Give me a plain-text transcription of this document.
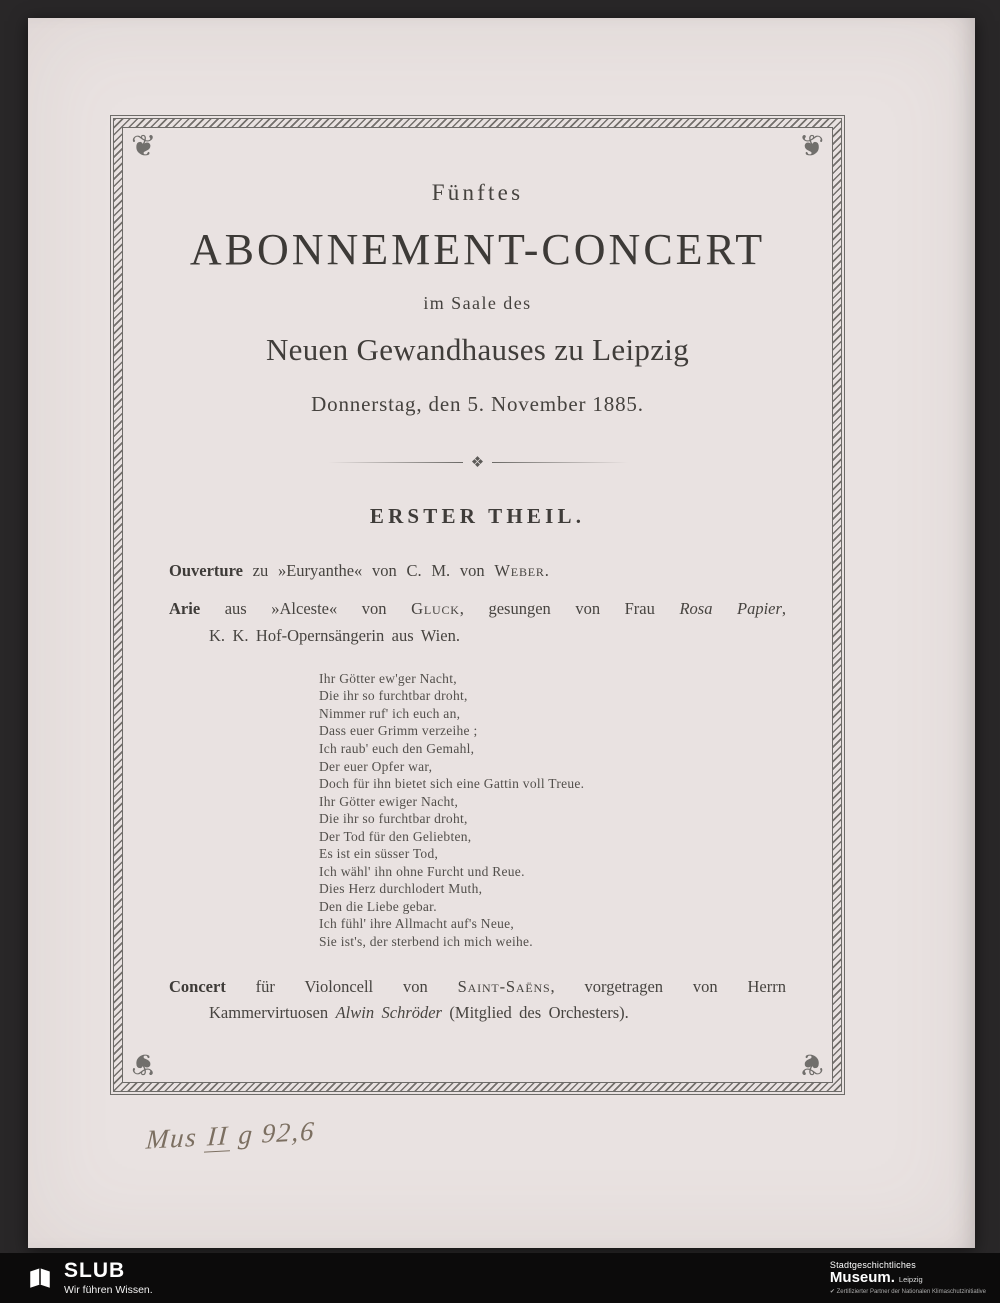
❦	❦
❦	❦

Fünftes

ABONNEMENT-CONCERT

im Saale des

Neuen Gewandhauses zu Leipzig

Donnerstag, den 5. November 1885.

❖
ERSTER THEIL.

Ouverture zu »Euryanthe« von C. M. von Weber.

Arie aus »Alceste« von Gluck, gesungen von Frau Rosa Papier,
K. K. Hof-Opernsängerin aus Wien.

Ihr Götter ew'ger Nacht,
Die ihr so furchtbar droht,
Nimmer ruf' ich euch an,
Dass euer Grimm verzeihe ;
Ich raub' euch den Gemahl,
Der euer Opfer war,
Doch für ihn bietet sich eine Gattin voll Treue.
Ihr Götter ewiger Nacht,
Die ihr so furchtbar droht,
Der Tod für den Geliebten,
Es ist ein süsser Tod,
Ich wähl' ihn ohne Furcht und Reue.
Dies Herz durchlodert Muth,
Den die Liebe gebar.
Ich fühl' ihre Allmacht auf's Neue,
Sie ist's, der sterbend ich mich weihe.

Concert für Violoncell von Saint-Saëns, vorgetragen von Herrn
Kammervirtuosen Alwin Schröder (Mitglied des Orchesters).

Mus II g 92,6
SLUB
Wir führen Wissen.
Stadtgeschichtliches
Museum. Leipzig
✔ Zertifizierter Partner der Nationalen Klimaschutzinitiative
